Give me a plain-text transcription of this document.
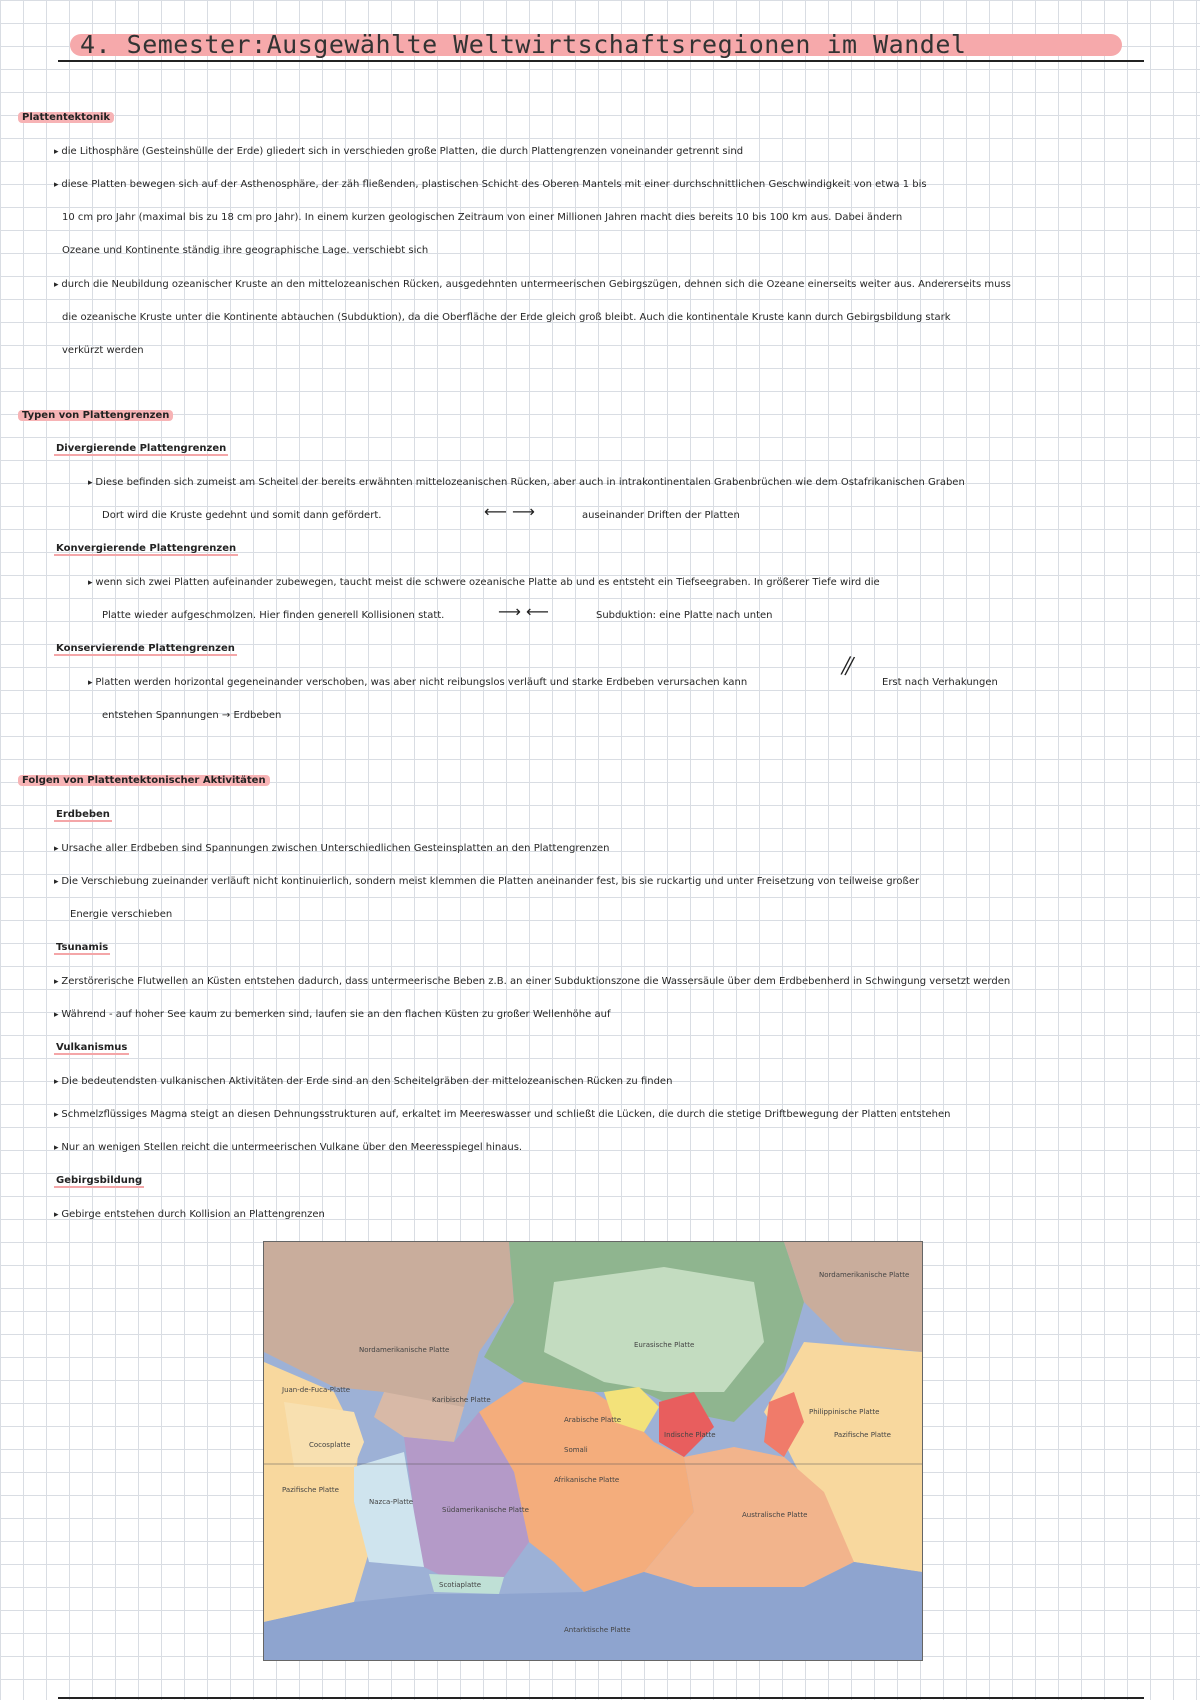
4. Semester:Ausgewählte Weltwirtschaftsregionen im Wandel
Plattentektonik
▸ die Lithosphäre (Gesteinshülle der Erde) gliedert sich in verschieden große Platten, die durch Plattengrenzen voneinander getrennt sind
▸ diese Platten bewegen sich auf der Asthenosphäre, der zäh fließenden, plastischen Schicht des Oberen Mantels mit einer durchschnittlichen Geschwindigkeit von etwa 1 bis
10 cm pro Jahr (maximal bis zu 18 cm pro Jahr). In einem kurzen geologischen Zeitraum von einer Millionen Jahren macht dies bereits 10 bis 100 km aus. Dabei ändern
Ozeane und Kontinente ständig ihre geographische Lage. verschiebt sich
▸ durch die Neubildung ozeanischer Kruste an den mittelozeanischen Rücken, ausgedehnten untermeerischen Gebirgszügen, dehnen sich die Ozeane einerseits weiter aus. Andererseits muss
die ozeanische Kruste unter die Kontinente abtauchen (Subduktion), da die Oberfläche der Erde gleich groß bleibt. Auch die kontinentale Kruste kann durch Gebirgsbildung stark
verkürzt werden
Typen von Plattengrenzen
Divergierende Plattengrenzen
▸ Diese befinden sich zumeist am Scheitel der bereits erwähnten mittelozeanischen Rücken, aber auch in intrakontinentalen Grabenbrüchen wie dem Ostafrikanischen Graben
Dort wird die Kruste gedehnt und somit dann gefördert.	⟵ ⟶	auseinander Driften der Platten
Konvergierende Plattengrenzen
▸ wenn sich zwei Platten aufeinander zubewegen, taucht meist die schwere ozeanische Platte ab und es entsteht ein Tiefseegraben. In größerer Tiefe wird die
Platte wieder aufgeschmolzen. Hier finden generell Kollisionen statt.	⟶ ⟵	Subduktion: eine Platte nach unten
Konservierende Plattengrenzen
▸ Platten werden horizontal gegeneinander verschoben, was aber nicht reibungslos verläuft und starke Erdbeben verursachen kann	⫽	Erst nach Verhakungen
entstehen Spannungen → Erdbeben
Folgen von Plattentektonischer Aktivitäten
Erdbeben
▸ Ursache aller Erdbeben sind Spannungen zwischen Unterschiedlichen Gesteinsplatten an den Plattengrenzen
▸ Die Verschiebung zueinander verläuft nicht kontinuierlich, sondern meist klemmen die Platten aneinander fest, bis sie ruckartig und unter Freisetzung von teilweise großer
Energie verschieben
Tsunamis
▸ Zerstörerische Flutwellen an Küsten entstehen dadurch, dass untermeerische Beben z.B. an einer Subduktionszone die Wassersäule über dem Erdbebenherd in Schwingung versetzt werden
▸ Während - auf hoher See kaum zu bemerken sind, laufen sie an den flachen Küsten zu großer Wellenhöhe auf
Vulkanismus
▸ Die bedeutendsten vulkanischen Aktivitäten der Erde sind an den Scheitelgräben der mittelozeanischen Rücken zu finden
▸ Schmelzflüssiges Magma steigt an diesen Dehnungsstrukturen auf, erkaltet im Meereswasser und schließt die Lücken, die durch die stetige Driftbewegung der Platten entstehen
▸ Nur an wenigen Stellen reicht die untermeerischen Vulkane über den Meeresspiegel hinaus.
Gebirgsbildung
▸ Gebirge entstehen durch Kollision an Plattengrenzen
Nordamerikanische Platte
Eurasische Platte
Nordamerikanische Platte
Juan-de-Fuca-Platte
Karibische Platte
Cocosplatte
Pazifische Platte
Pazifische Platte
Nazca-Platte
Südamerikanische Platte
Afrikanische Platte
Somali
Arabische Platte
Indische Platte
Philippinische Platte
Australische Platte
Scotiaplatte
Antarktische Platte
